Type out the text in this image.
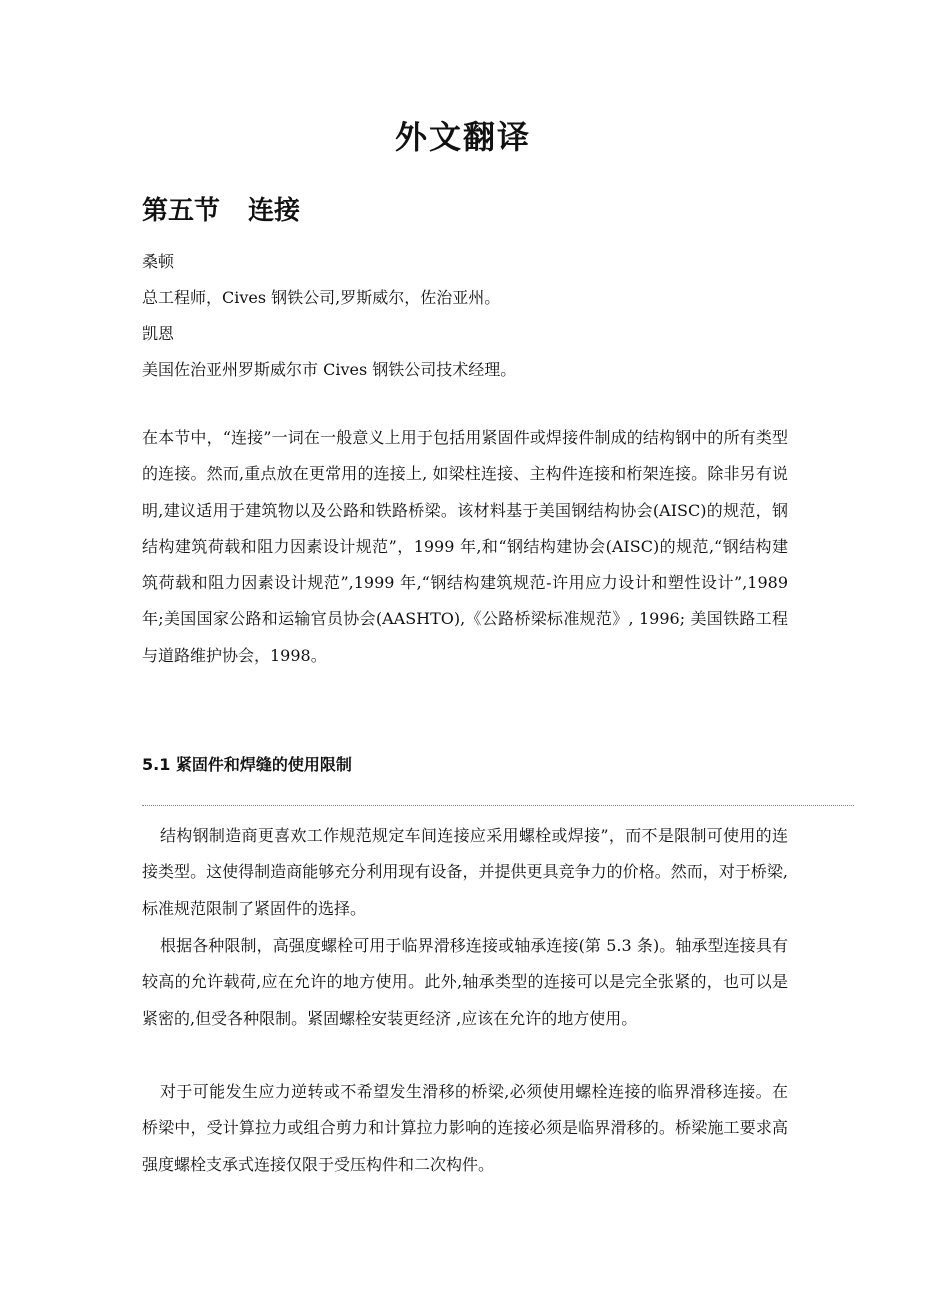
外文翻译
第五节 连接
桑顿
总工程师，Cives 钢铁公司,罗斯威尔，佐治亚州。
凯恩
美国佐治亚州罗斯威尔市 Cives 钢铁公司技术经理。
在本节中，“连接”一词在一般意义上用于包括用紧固件或焊接件制成的结构钢中的所有类型的连接。然而,重点放在更常用的连接上, 如梁柱连接、主构件连接和桁架连接。除非另有说明,建议适用于建筑物以及公路和铁路桥梁。该材料基于美国钢结构协会(AISC)的规范，钢结构建筑荷载和阻力因素设计规范”，1999 年,和“钢结构建协会(AISC)的规范,“钢结构建筑荷载和阻力因素设计规范”,1999 年,“钢结构建筑规范-许用应力设计和塑性设计”,1989 年;美国国家公路和运输官员协会(AASHTO),《公路桥梁标准规范》, 1996; 美国铁路工程与道路维护协会，1998。
5.1 紧固件和焊缝的使用限制
结构钢制造商更喜欢工作规范规定车间连接应采用螺栓或焊接”，而不是限制可使用的连接类型。这使得制造商能够充分利用现有设备，并提供更具竞争力的价格。然而，对于桥梁,标准规范限制了紧固件的选择。
根据各种限制，高强度螺栓可用于临界滑移连接或轴承连接(第 5.3 条)。轴承型连接具有较高的允许载荷,应在允许的地方使用。此外,轴承类型的连接可以是完全张紧的，也可以是紧密的,但受各种限制。紧固螺栓安装更经济 ,应该在允许的地方使用。
对于可能发生应力逆转或不希望发生滑移的桥梁,必须使用螺栓连接的临界滑移连接。在桥梁中，受计算拉力或组合剪力和计算拉力影响的连接必须是临界滑移的。桥梁施工要求高强度螺栓支承式连接仅限于受压构件和二次构件。
